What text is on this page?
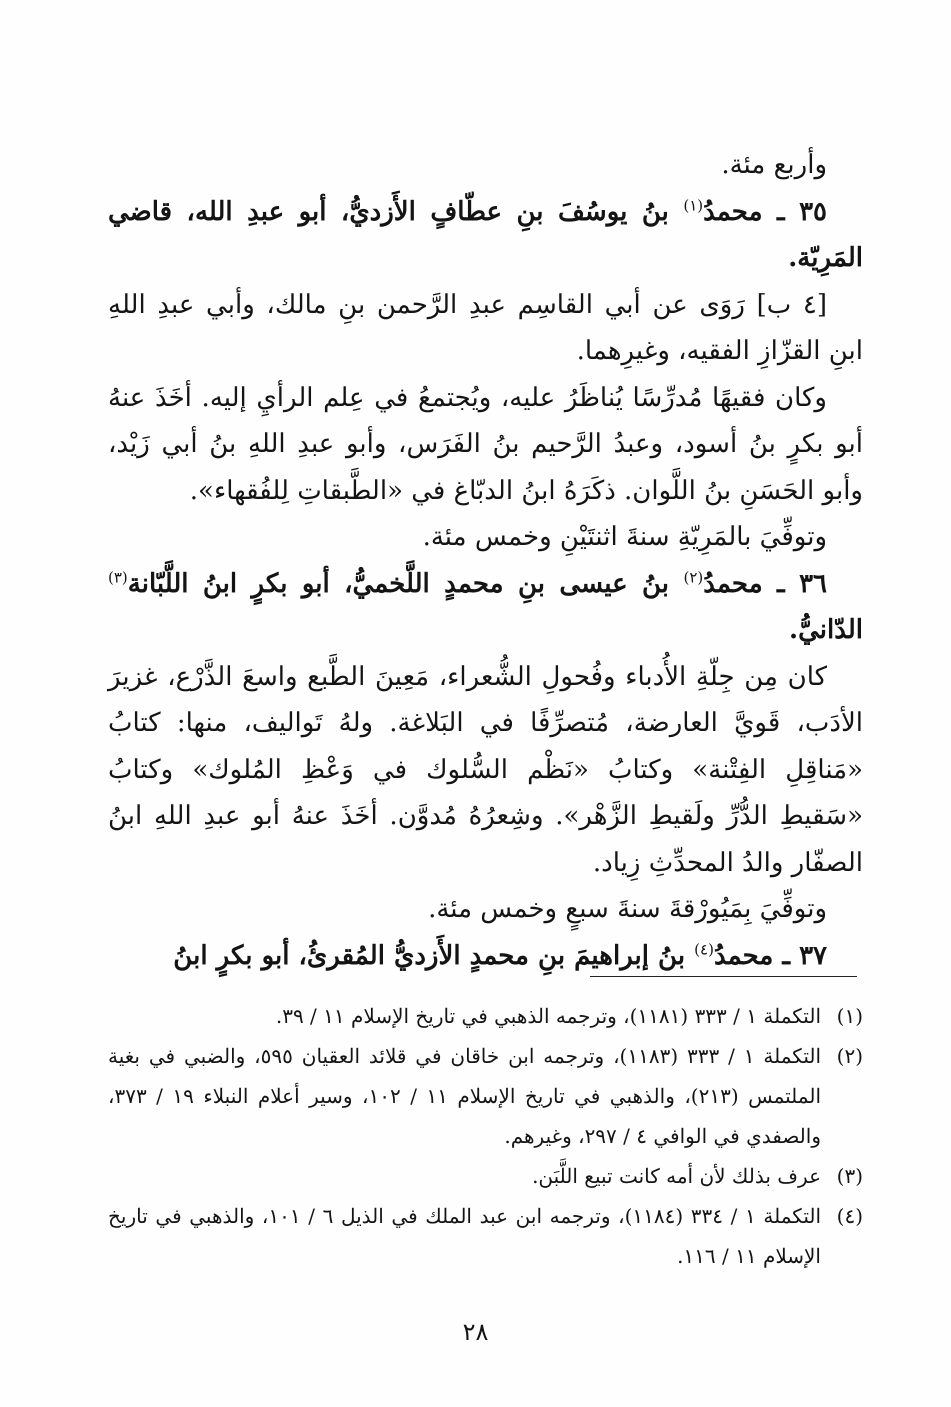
وأربع مئة.

٣٥ ـ محمدُ$^{(١)}$ بنُ يوسُفَ بنِ عطّافٍ الأَزديُّ، أبو عبدِ الله، قاضي المَرِيّة.

[٤ ب] رَوَى عن أبي القاسِم عبدِ الرَّحمن بنِ مالك، وأبي عبدِ اللهِ ابنِ القزّازِ الفقيه، وغيرِهما.

وكان فقيهًا مُدرِّسًا يُناظَرُ عليه، ويُجتمعُ في عِلم الرأيِ إليه. أخَذَ عنهُ أبو بكرٍ بنُ أسود، وعبدُ الرَّحيم بنُ الفَرَس، وأبو عبدِ اللهِ بنُ أبي زَيْد، وأبو الحَسَنِ بنُ اللَّوان. ذكَرَهُ ابنُ الدبّاغ في «الطَّبقاتِ لِلفُقهاء».

وتوفِّيَ بالمَرِيّةِ سنةَ اثنتَيْنِ وخمس مئة.

٣٦ ـ محمدُ$^{(٢)}$ بنُ عيسى بنِ محمدٍ اللَّخميُّ، أبو بكرٍ ابنُ اللَّبّانة$^{(٣)}$ الدّانيُّ.

كان مِن جِلّةِ الأُدباء وفُحولِ الشُّعراء، مَعِينَ الطَّبع واسعَ الذَّرْع، غزيرَ الأدَب، قَويَّ العارضة، مُتصرِّفًا في البَلاغة. ولهُ تَواليف، منها: كتابُ «مَناقِلِ الفِتْنة» وكتابُ «نَظْم السُّلوك في وَعْظِ المُلوك» وكتابُ «سَقيطِ الدُّرِّ ولَقيطِ الزَّهْر». وشِعرُهُ مُدوَّن. أخَذَ عنهُ أبو عبدِ اللهِ ابنُ الصفّار والدُ المحدِّثِ زِياد.

وتوفِّيَ بِمَيُورْقةَ سنةَ سبعٍ وخمس مئة.

٣٧ ـ محمدُ$^{(٤)}$ بنُ إبراهيمَ بنِ محمدٍ الأَزديُّ المُقرئُ، أبو بكرٍ ابنُ

(١)
التكملة ١ / ٣٣٣ (١١٨١)، وترجمه الذهبي في تاريخ الإسلام ١١ / ٣٩.
(٢)
التكملة ١ / ٣٣٣ (١١٨٣)، وترجمه ابن خاقان في قلائد العقيان ٥٩٥، والضبي في بغية الملتمس (٢١٣)، والذهبي في تاريخ الإسلام ١١ / ١٠٢، وسير أعلام النبلاء ١٩ / ٣٧٣، والصفدي في الوافي ٤ / ٢٩٧، وغيرهم.
(٣)
عرف بذلك لأن أمه كانت تبيع اللَّبَن.
(٤)
التكملة ١ / ٣٣٤ (١١٨٤)، وترجمه ابن عبد الملك في الذيل ٦ / ١٠١، والذهبي في تاريخ الإسلام ١١ / ١١٦.
٢٨
